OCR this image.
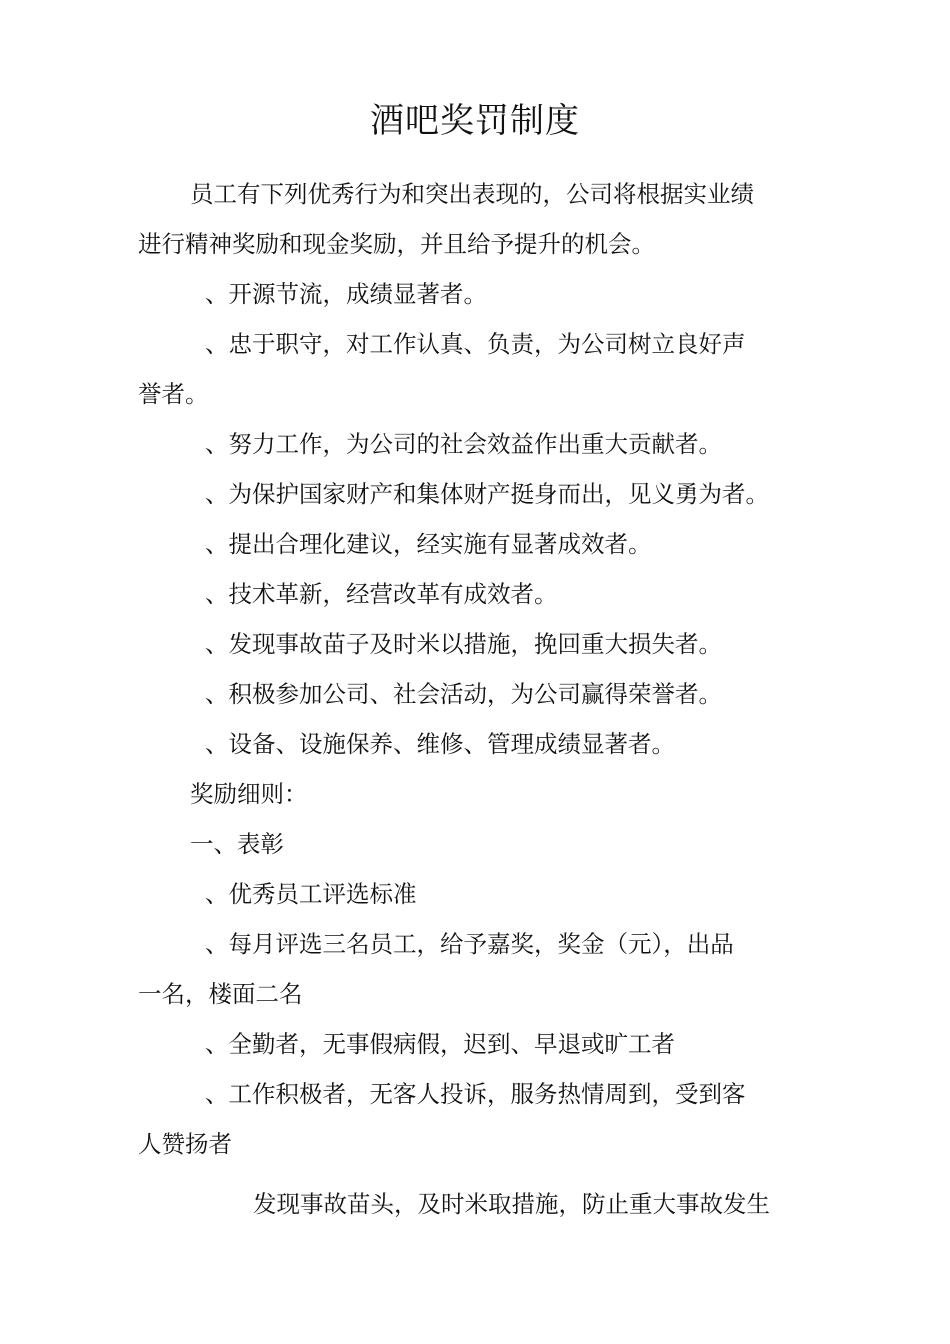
酒吧奖罚制度

员工有下列优秀行为和突出表现的，公司将根据实业绩

进行精神奖励和现金奖励，并且给予提升的机会。

、开源节流，成绩显著者。

、忠于职守，对工作认真、负责，为公司树立良好声

誉者。

、努力工作，为公司的社会效益作出重大贡献者。

、为保护国家财产和集体财产挺身而出，见义勇为者。

、提出合理化建议，经实施有显著成效者。

、技术革新，经营改革有成效者。

、发现事故苗子及时米以措施，挽回重大损失者。

、积极参加公司、社会活动，为公司赢得荣誉者。

、设备、设施保养、维修、管理成绩显著者。

奖励细则：

一、表彰

、优秀员工评选标准

、每月评选三名员工，给予嘉奖，奖金（元），出品

一名，楼面二名

、全勤者，无事假病假，迟到、早退或旷工者

、工作积极者，无客人投诉，服务热情周到，受到客

人赞扬者

发现事故苗头，及时米取措施，防止重大事故发生
